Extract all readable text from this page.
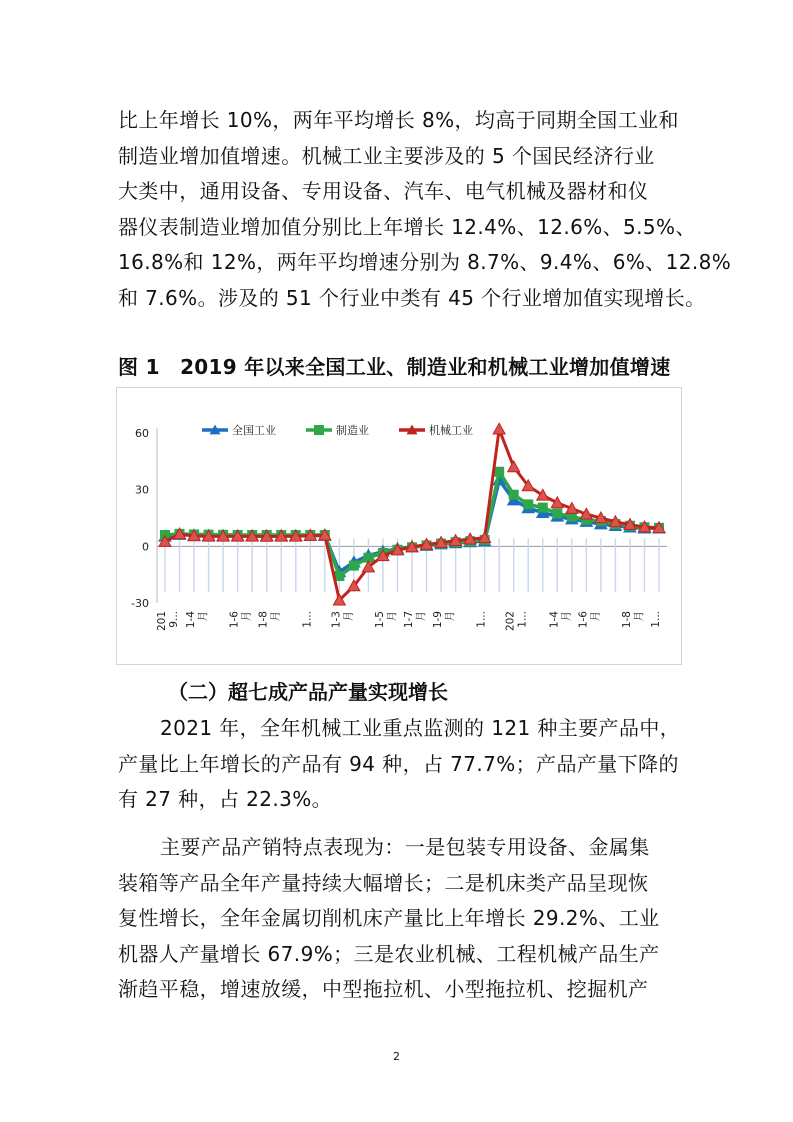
比上年增长 10%，两年平均增长 8%，均高于同期全国工业和
制造业增加值增速。机械工业主要涉及的 5 个国民经济行业
大类中，通用设备、专用设备、汽车、电气机械及器材和仪
器仪表制造业增加值分别比上年增长 12.4%、12.6%、5.5%、
16.8%和 12%，两年平均增速分别为 8.7%、9.4%、6%、12.8%
和 7.6%。涉及的 51 个行业中类有 45 个行业增加值实现增长。
图 1　2019 年以来全国工业、制造业和机械工业增加值增速
全国工业	制造业	机械工业
60
30
0
-30
2019... 1-4月 1-6月 1-8月 1... 1-3月 1-5月 1-7月 1-9月 1... 2021... 1-4月 1-6月 1-8月 1...
（二）超七成产品产量实现增长
2021 年，全年机械工业重点监测的 121 种主要产品中，
产量比上年增长的产品有 94 种，占 77.7%；产品产量下降的
有 27 种，占 22.3%。
主要产品产销特点表现为：一是包装专用设备、金属集
装箱等产品全年产量持续大幅增长；二是机床类产品呈现恢
复性增长，全年金属切削机床产量比上年增长 29.2%、工业
机器人产量增长 67.9%；三是农业机械、工程机械产品生产
渐趋平稳，增速放缓，中型拖拉机、小型拖拉机、挖掘机产
2
